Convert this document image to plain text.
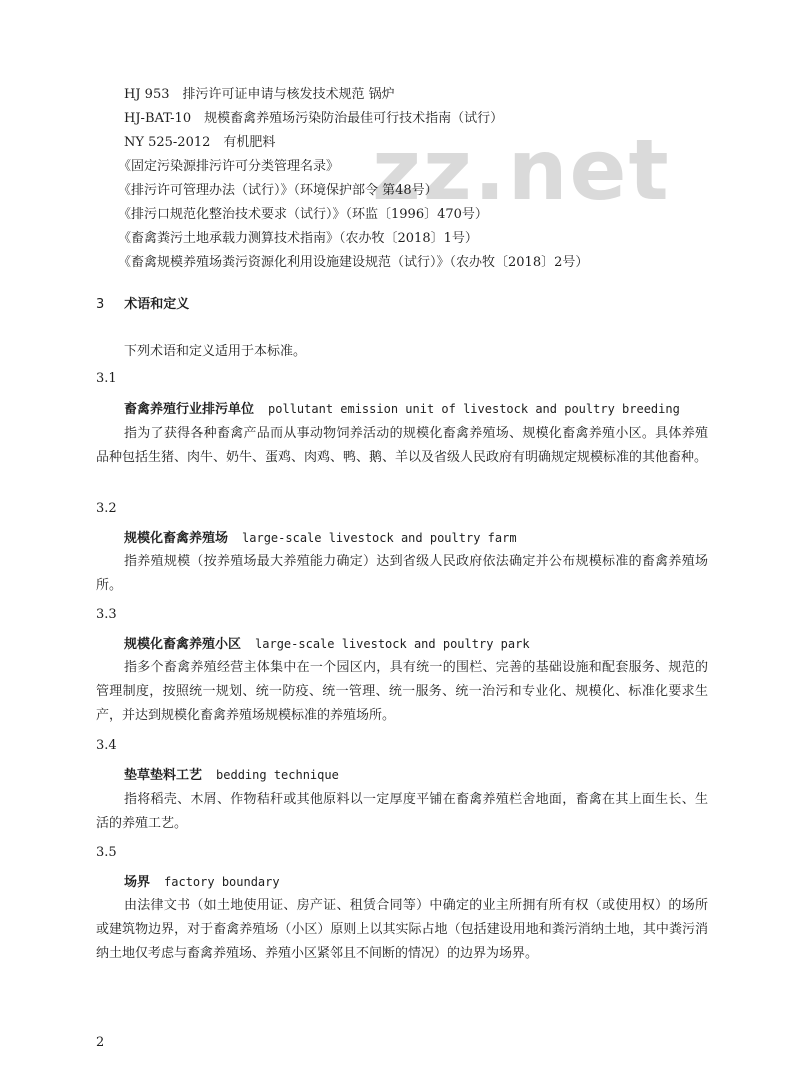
zz.net
HJ 953　排污许可证申请与核发技术规范 锅炉
HJ-BAT-10　规模畜禽养殖场污染防治最佳可行技术指南（试行）
NY 525-2012　有机肥料
《固定污染源排污许可分类管理名录》
《排污许可管理办法（试行）》（环境保护部令 第48号）
《排污口规范化整治技术要求（试行）》（环监〔1996〕470号）
《畜禽粪污土地承载力测算技术指南》（农办牧〔2018〕1号）
《畜禽规模养殖场粪污资源化利用设施建设规范（试行）》（农办牧〔2018〕2号）
3 术语和定义
下列术语和定义适用于本标准。
3.1
畜禽养殖行业排污单位 pollutant emission unit of livestock and poultry breeding
指为了获得各种畜禽产品而从事动物饲养活动的规模化畜禽养殖场、规模化畜禽养殖小区。具体养殖品种包括生猪、肉牛、奶牛、蛋鸡、肉鸡、鸭、鹅、羊以及省级人民政府有明确规定规模标准的其他畜种。
3.2
规模化畜禽养殖场 large-scale livestock and poultry farm
指养殖规模（按养殖场最大养殖能力确定）达到省级人民政府依法确定并公布规模标准的畜禽养殖场所。
3.3
规模化畜禽养殖小区 large-scale livestock and poultry park
指多个畜禽养殖经营主体集中在一个园区内，具有统一的围栏、完善的基础设施和配套服务、规范的管理制度，按照统一规划、统一防疫、统一管理、统一服务、统一治污和专业化、规模化、标准化要求生产，并达到规模化畜禽养殖场规模标准的养殖场所。
3.4
垫草垫料工艺 bedding technique
指将稻壳、木屑、作物秸秆或其他原料以一定厚度平铺在畜禽养殖栏舍地面，畜禽在其上面生长、生活的养殖工艺。
3.5
场界 factory boundary
由法律文书（如土地使用证、房产证、租赁合同等）中确定的业主所拥有所有权（或使用权）的场所或建筑物边界，对于畜禽养殖场（小区）原则上以其实际占地（包括建设用地和粪污消纳土地，其中粪污消纳土地仅考虑与畜禽养殖场、养殖小区紧邻且不间断的情况）的边界为场界。
2
